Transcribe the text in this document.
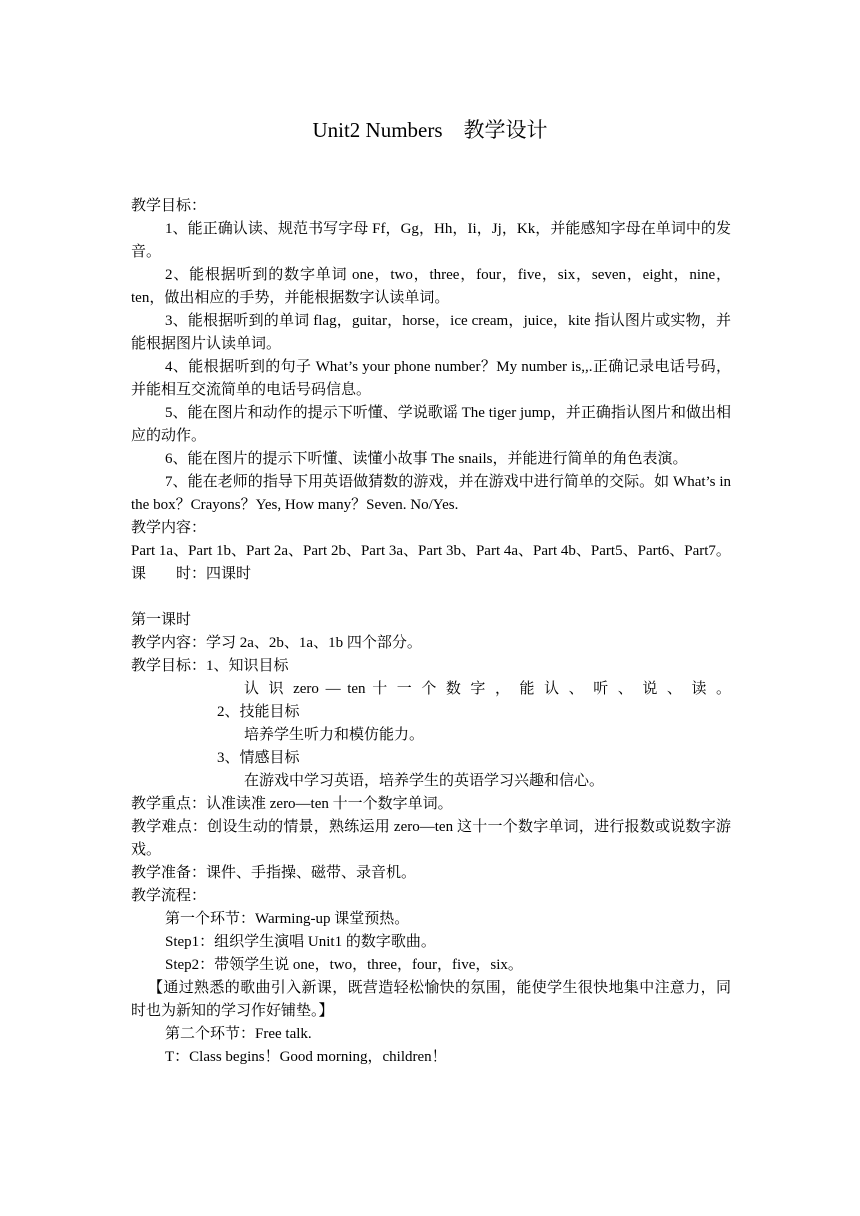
Unit2 Numbers　教学设计
教学目标：
1、能正确认读、规范书写字母 Ff，Gg，Hh，Ii，Jj，Kk，并能感知字母在单词中的发音。
2、能根据听到的数字单词 one，two，three，four，five，six，seven，eight，nine，ten，做出相应的手势，并能根据数字认读单词。
3、能根据听到的单词 flag，guitar，horse，ice cream，juice，kite 指认图片或实物，并能根据图片认读单词。
4、能根据听到的句子 What’s your phone number？My number is,,.正确记录电话号码，并能相互交流简单的电话号码信息。
5、能在图片和动作的提示下听懂、学说歌谣 The tiger jump，并正确指认图片和做出相应的动作。
6、能在图片的提示下听懂、读懂小故事 The snails，并能进行简单的角色表演。
7、能在老师的指导下用英语做猜数的游戏，并在游戏中进行简单的交际。如 What’s in the box？Crayons？Yes, How many？Seven. No/Yes.
教学内容：
Part 1a、Part 1b、Part 2a、Part 2b、Part 3a、Part 3b、Part 4a、Part 4b、Part5、Part6、Part7。
课　　时：四课时
第一课时
教学内容：学习 2a、2b、1a、1b 四个部分。
教学目标：1、知识目标
认 识 zero — ten 十 一 个 数 字 ， 能 认 、 听 、 说 、 读 。
2、技能目标
培养学生听力和模仿能力。
3、情感目标
在游戏中学习英语，培养学生的英语学习兴趣和信心。
教学重点：认准读准 zero—ten 十一个数字单词。
教学难点：创设生动的情景，熟练运用 zero—ten 这十一个数字单词，进行报数或说数字游戏。
教学准备：课件、手指操、磁带、录音机。
教学流程：
第一个环节：Warming-up 课堂预热。
Step1：组织学生演唱 Unit1 的数字歌曲。
Step2：带领学生说 one，two，three，four，five，six。
【通过熟悉的歌曲引入新课，既营造轻松愉快的氛围，能使学生很快地集中注意力，同时也为新知的学习作好铺垫。】
第二个环节：Free talk.
T：Class begins！Good morning，children！
